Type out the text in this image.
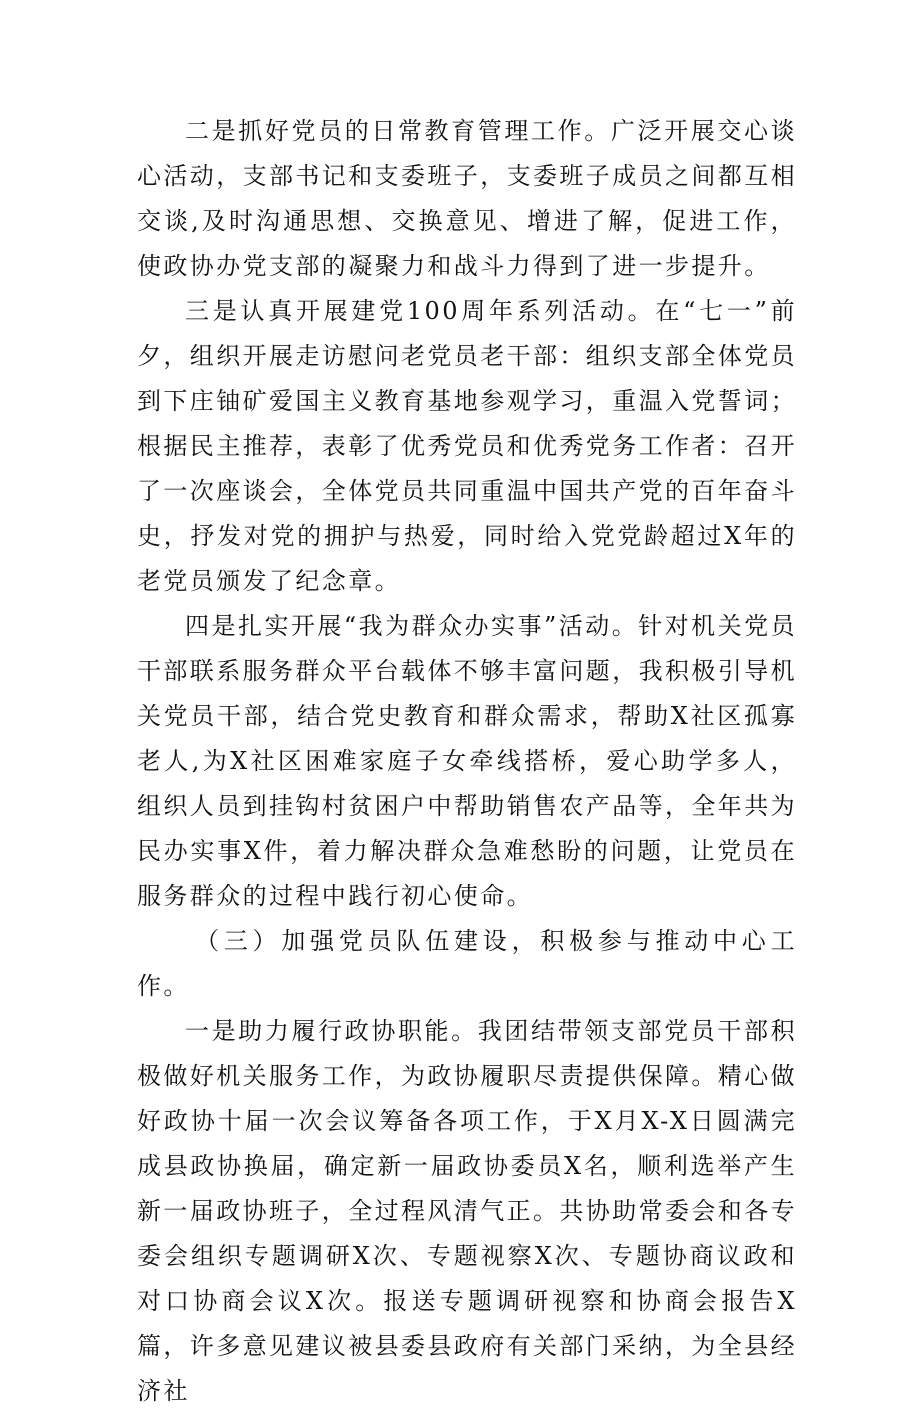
二是抓好党员的日常教育管理工作。广泛开展交心谈心活动，支部书记和支委班子，支委班子成员之间都互相交谈,及时沟通思想、交换意见、增进了解，促进工作，使政协办党支部的凝聚力和战斗力得到了进一步提升。

三是认真开展建党100周年系列活动。在“七一”前夕，组织开展走访慰问老党员老干部：组织支部全体党员到下庄铀矿爱国主义教育基地参观学习，重温入党誓词；根据民主推荐，表彰了优秀党员和优秀党务工作者：召开了一次座谈会，全体党员共同重温中国共产党的百年奋斗史，抒发对党的拥护与热爱，同时给入党党龄超过X年的老党员颁发了纪念章。

四是扎实开展“我为群众办实事”活动。针对机关党员干部联系服务群众平台载体不够丰富问题，我积极引导机关党员干部，结合党史教育和群众需求，帮助X社区孤寡老人,为X社区困难家庭子女牵线搭桥，爱心助学多人，组织人员到挂钩村贫困户中帮助销售农产品等，全年共为民办实事X件，着力解决群众急难愁盼的问题，让党员在服务群众的过程中践行初心使命。

（三）加强党员队伍建设，积极参与推动中心工作。

一是助力履行政协职能。我团结带领支部党员干部积极做好机关服务工作，为政协履职尽责提供保障。精心做好政协十届一次会议筹备各项工作，于X月X-X日圆满完成县政协换届，确定新一届政协委员X名，顺利选举产生新一届政协班子，全过程风清气正。共协助常委会和各专委会组织专题调研X次、专题视察X次、专题协商议政和对口协商会议X次。报送专题调研视察和协商会报告X篇，许多意见建议被县委县政府有关部门采纳，为全县经济社
